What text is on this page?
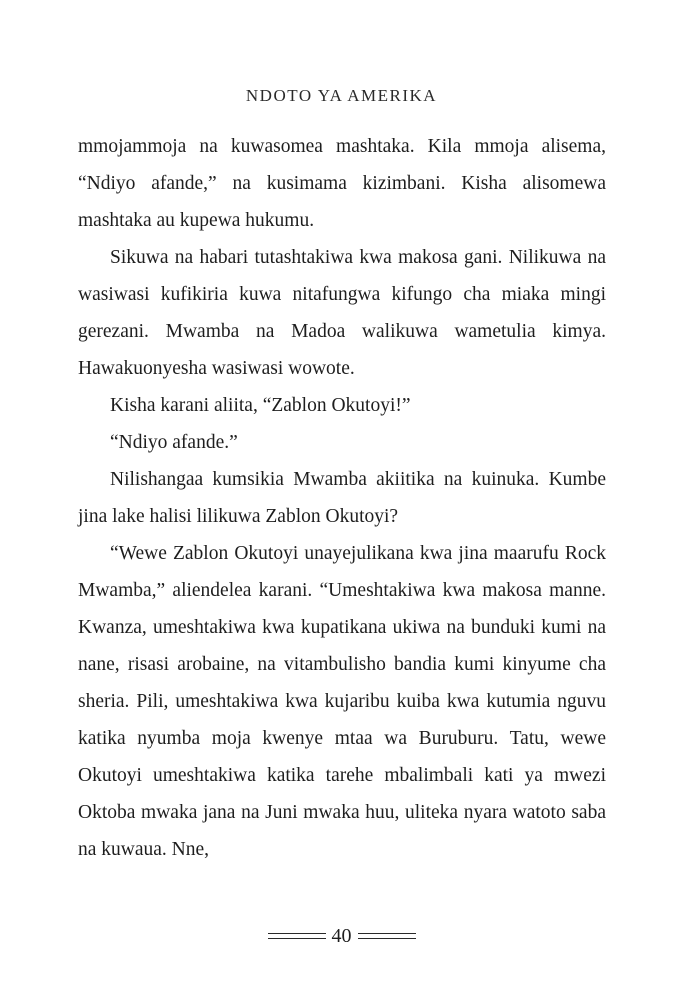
NDOTO YA AMERIKA

mmojammoja na kuwasomea mashtaka. Kila mmoja alisema, “Ndiyo afande,” na kusimama kizimbani. Kisha alisomewa mashtaka au kupewa hukumu.

Sikuwa na habari tutashtakiwa kwa makosa gani. Nilikuwa na wasiwasi kufikiria kuwa nitafungwa kifungo cha miaka mingi gerezani. Mwamba na Madoa walikuwa wametulia kimya. Hawakuonyesha wasiwasi wowote.

Kisha karani aliita, “Zablon Okutoyi!”

“Ndiyo afande.”

Nilishangaa kumsikia Mwamba akiitika na kuinuka. Kumbe jina lake halisi lilikuwa Zablon Okutoyi?

“Wewe Zablon Okutoyi unayejulikana kwa jina maarufu Rock Mwamba,” aliendelea karani. “Umeshtakiwa kwa makosa manne. Kwanza, umeshtakiwa kwa kupatikana ukiwa na bunduki kumi na nane, risasi arobaine, na vitambulisho bandia kumi kinyume cha sheria. Pili, umeshtakiwa kwa kujaribu kuiba kwa kutumia nguvu katika nyumba moja kwenye mtaa wa Buruburu. Tatu, wewe Okutoyi umeshtakiwa katika tarehe mbalimbali kati ya mwezi Oktoba mwaka jana na Juni mwaka huu, uliteka nyara watoto saba na kuwaua. Nne,

40
